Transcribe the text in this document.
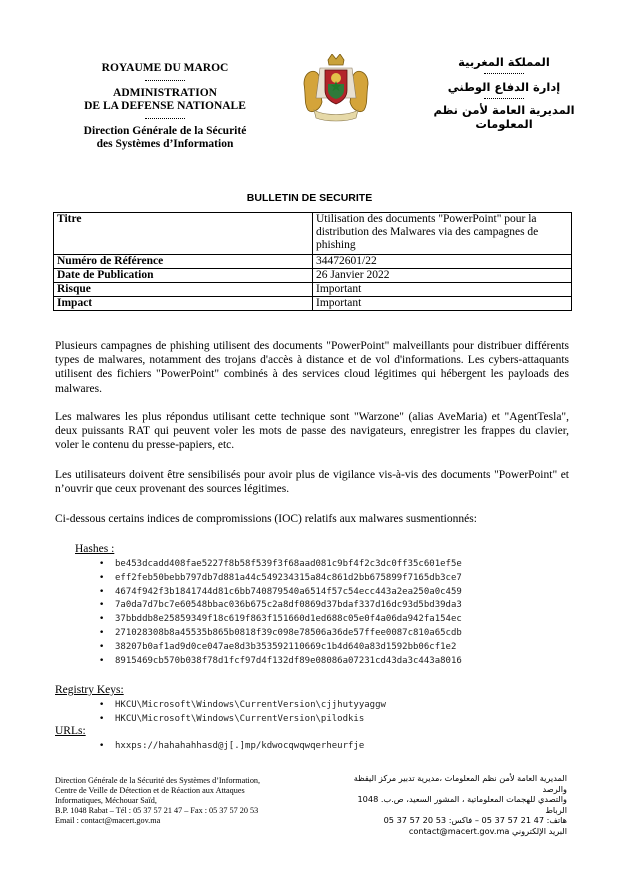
ROYAUME DU MAROC
ADMINISTRATION
DE LA DEFENSE NATIONALE
Direction Générale de la Sécurité
des Systèmes d’Information
المملكة المغربية
إدارة الدفاع الوطني
المديرية العامة لأمن نظم المعلومات
BULLETIN DE SECURITE
Titre	Utilisation des documents "PowerPoint" pour la distribution des Malwares via des campagnes de phishing
Numéro de Référence	34472601/22
Date de Publication	26 Janvier 2022
Risque	Important
Impact	Important
Plusieurs campagnes de phishing utilisent des documents "PowerPoint" malveillants pour distribuer différents types de malwares, notamment des trojans d'accès à distance et de vol d'informations. Les cybers-attaquants utilisent des fichiers "PowerPoint" combinés à des services cloud légitimes qui hébergent les payloads des malwares.
Les malwares les plus répondus utilisant cette technique sont "Warzone" (alias AveMaria) et "AgentTesla", deux puissants RAT qui peuvent voler les mots de passe des navigateurs, enregistrer les frappes du clavier, voler le contenu du presse-papiers, etc.
Les utilisateurs doivent être sensibilisés pour avoir plus de vigilance vis-à-vis des documents "PowerPoint" et n’ouvrir que ceux provenant des sources légitimes.
Ci-dessous certains indices de compromissions (IOC) relatifs aux malwares susmentionnés:
Hashes :
• be453dcadd408fae5227f8b58f539f3f68aad081c9bf4f2c3dc0ff35c601ef5e
• eff2feb50bebb797db7d881a44c549234315a84c861d2bb675899f7165db3ce7
• 4674f942f3b1841744d81c6bb740879540a6514f57c54ecc443a2ea250a0c459
• 7a0da7d7bc7e60548bbac036b675c2a8df0869d37bdaf337d16dc93d5bd39da3
• 37bbddb8e25859349f18c619f863f151660d1ed688c05e0f4a06da942fa154ec
• 271028308b8a45535b865b0818f39c098e78506a36de57ffee0087c810a65cdb
• 38207b0af1ad9d0ce047ae8d3b353592110669c1b4d640a83d1592bb06cf1e2
• 8915469cb570b038f78d1fcf97d4f132df89e08086a07231cd43da3c443a8016
Registry Keys:
• HKCU\Microsoft\Windows\CurrentVersion\cjjhutyyaggw
• HKCU\Microsoft\Windows\CurrentVersion\pilodkis
URLs:
• hxxps://hahahahhasd@j[.]mp/kdwocqwqwqerheurfje
Direction Générale de la Sécurité des Systèmes d’Information,
Centre de Veille de Détection et de Réaction aux Attaques
Informatiques, Méchouar Saïd,
B.P. 1048 Rabat – Tél : 05 37 57 21 47 – Fax : 05 37 57 20 53
Email : contact@macert.gov.ma
المديرية العامة لأمن نظم المعلومات ،مديرية تدبير مركز اليقظة والرصد
والتصدي للهجمات المعلوماتية ، المشور السعيد، ص.ب. 1048 الرباط
هاتف: 47 21 57 37 05 – فاكس: 53 20 57 37 05
البريد الإلكتروني contact@macert.gov.ma
